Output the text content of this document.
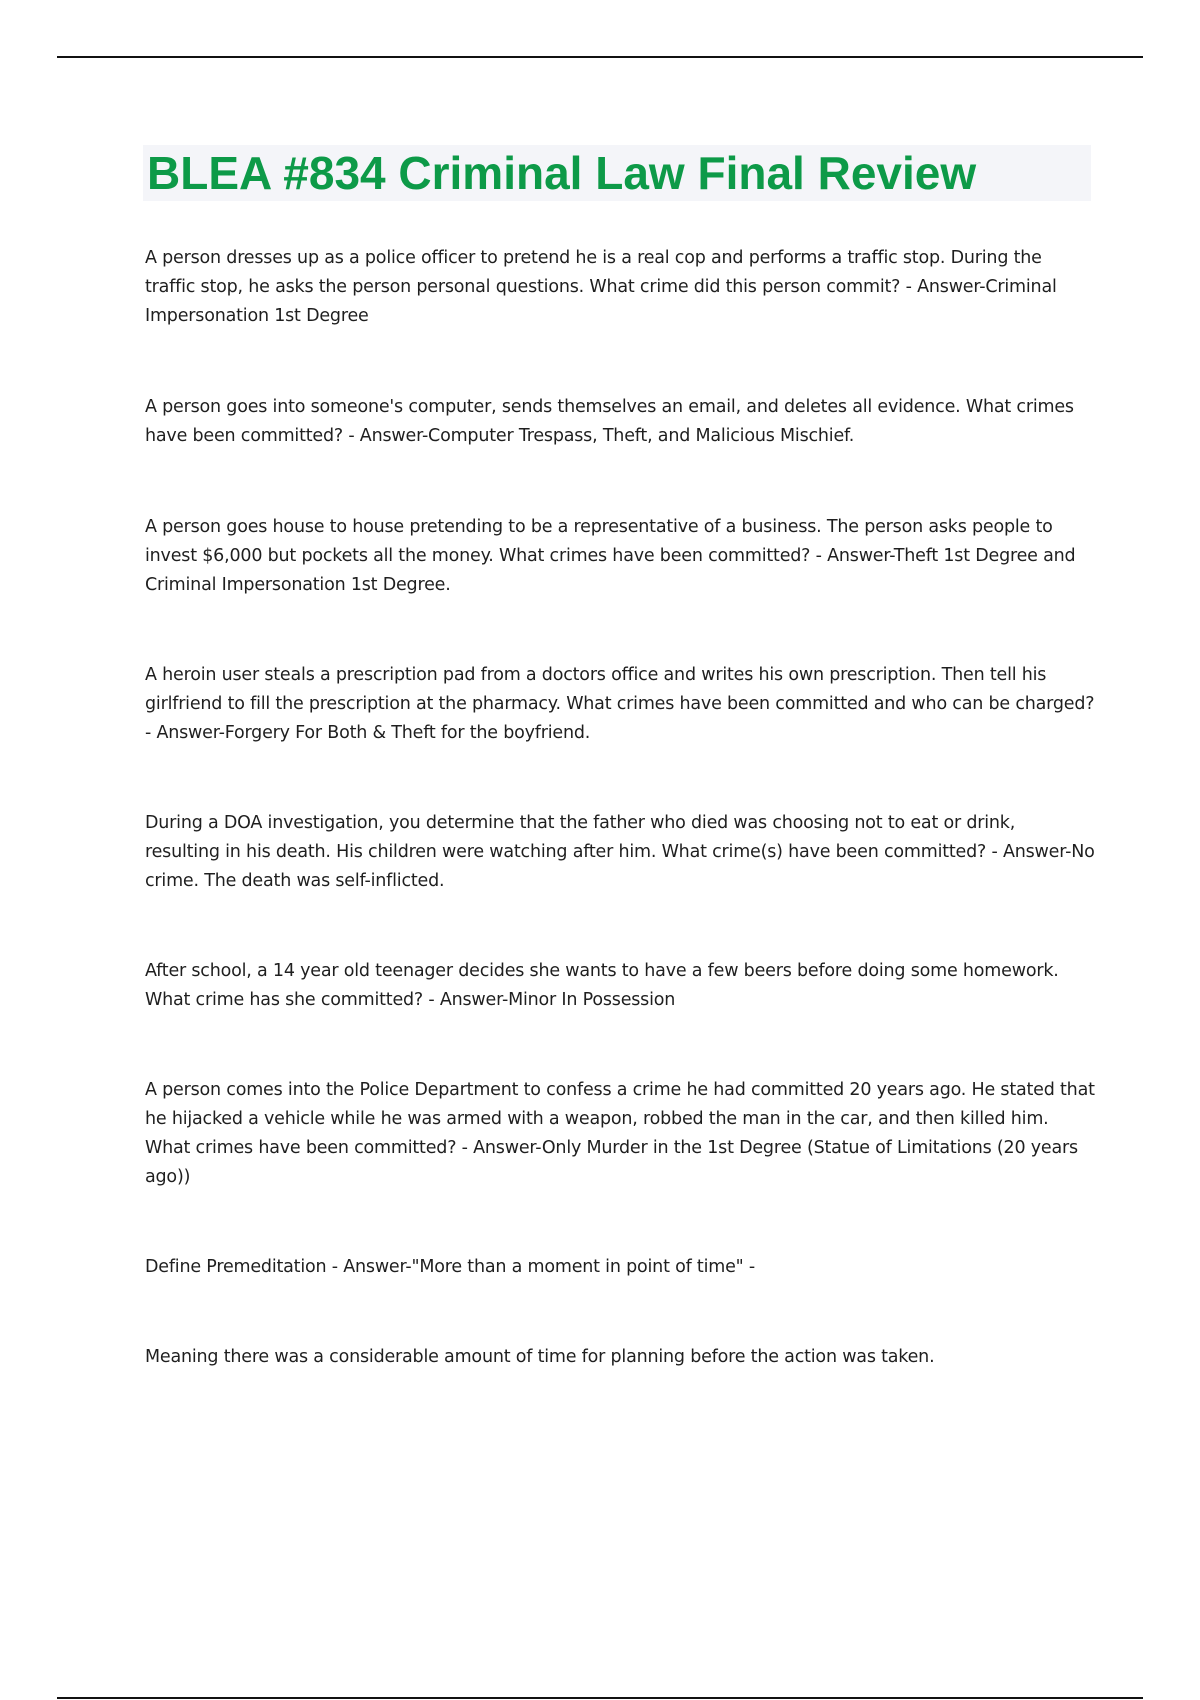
BLEA #834 Criminal Law Final Review

A person dresses up as a police officer to pretend he is a real cop and performs a traffic stop. During the traffic stop, he asks the person personal questions. What crime did this person commit? - Answer-Criminal Impersonation 1st Degree

A person goes into someone's computer, sends themselves an email, and deletes all evidence. What crimes have been committed? - Answer-Computer Trespass, Theft, and Malicious Mischief.

A person goes house to house pretending to be a representative of a business. The person asks people to invest $6,000 but pockets all the money. What crimes have been committed? - Answer-Theft 1st Degree and Criminal Impersonation 1st Degree.

A heroin user steals a prescription pad from a doctors office and writes his own prescription. Then tell his girlfriend to fill the prescription at the pharmacy. What crimes have been committed and who can be charged? - Answer-Forgery For Both & Theft for the boyfriend.

During a DOA investigation, you determine that the father who died was choosing not to eat or drink, resulting in his death. His children were watching after him. What crime(s) have been committed? - Answer-No crime. The death was self-inflicted.

After school, a 14 year old teenager decides she wants to have a few beers before doing some homework. What crime has she committed? - Answer-Minor In Possession

A person comes into the Police Department to confess a crime he had committed 20 years ago. He stated that he hijacked a vehicle while he was armed with a weapon, robbed the man in the car, and then killed him. What crimes have been committed? - Answer-Only Murder in the 1st Degree (Statue of Limitations (20 years ago))

Define Premeditation - Answer-"More than a moment in point of time" -

Meaning there was a considerable amount of time for planning before the action was taken.
